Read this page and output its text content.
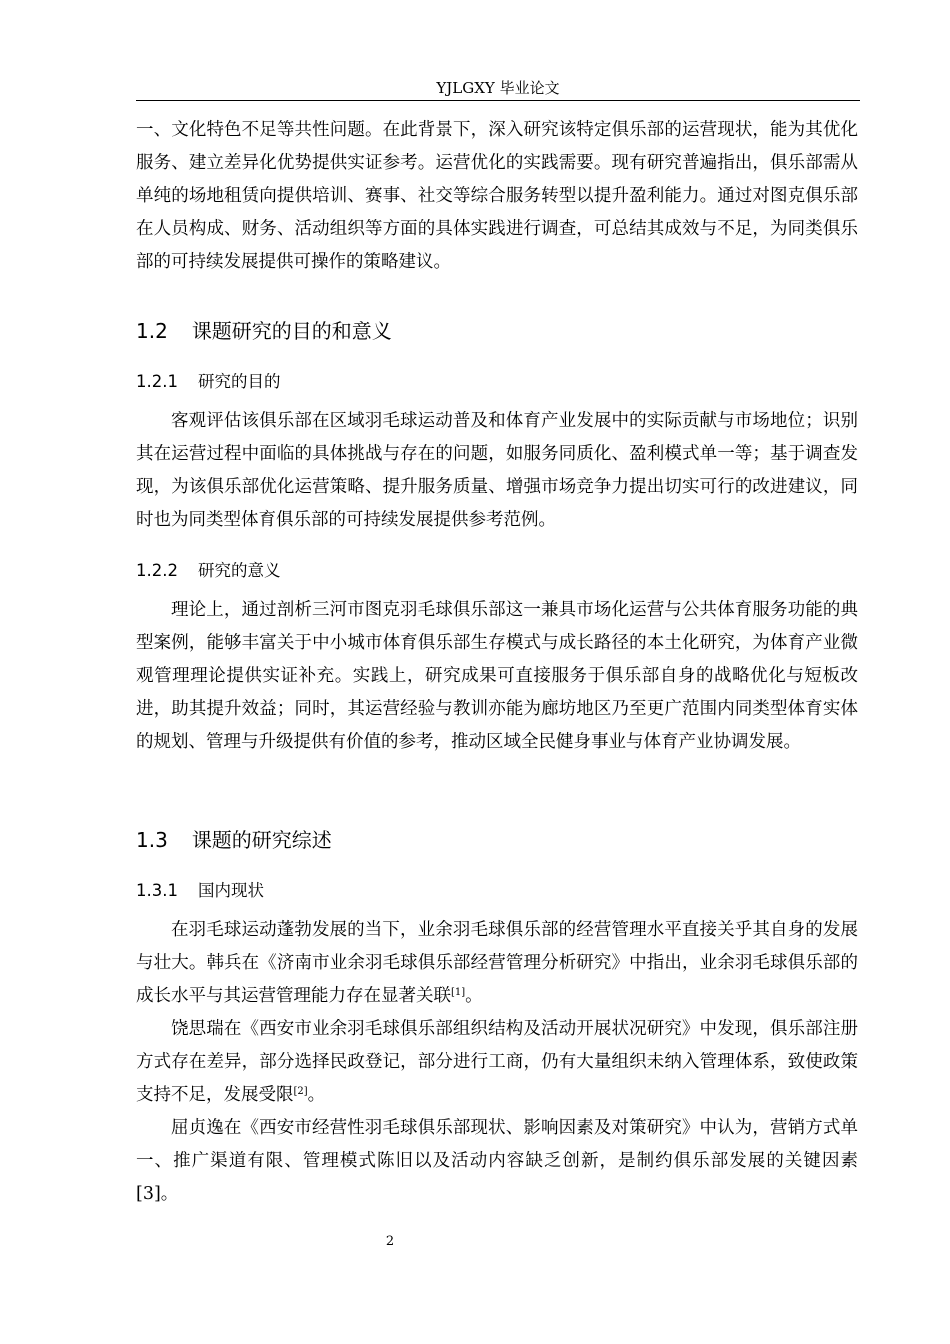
YJLGXY 毕业论文

一、文化特色不足等共性问题。在此背景下，深入研究该特定俱乐部的运营现状，能为其优化服务、建立差异化优势提供实证参考。运营优化的实践需要。现有研究普遍指出，俱乐部需从单纯的场地租赁向提供培训、赛事、社交等综合服务转型以提升盈利能力。通过对图克俱乐部在人员构成、财务、活动组织等方面的具体实践进行调查，可总结其成效与不足，为同类俱乐部的可持续发展提供可操作的策略建议。

1.2 课题研究的目的和意义
1.2.1 研究的目的

客观评估该俱乐部在区域羽毛球运动普及和体育产业发展中的实际贡献与市场地位；识别其在运营过程中面临的具体挑战与存在的问题，如服务同质化、盈利模式单一等；基于调查发现，为该俱乐部优化运营策略、提升服务质量、增强市场竞争力提出切实可行的改进建议，同时也为同类型体育俱乐部的可持续发展提供参考范例。

1.2.2 研究的意义

理论上，通过剖析三河市图克羽毛球俱乐部这一兼具市场化运营与公共体育服务功能的典型案例，能够丰富关于中小城市体育俱乐部生存模式与成长路径的本土化研究，为体育产业微观管理理论提供实证补充。实践上，研究成果可直接服务于俱乐部自身的战略优化与短板改进，助其提升效益；同时，其运营经验与教训亦能为廊坊地区乃至更广范围内同类型体育实体的规划、管理与升级提供有价值的参考，推动区域全民健身事业与体育产业协调发展。

1.3 课题的研究综述
1.3.1 国内现状

在羽毛球运动蓬勃发展的当下，业余羽毛球俱乐部的经营管理水平直接关乎其自身的发展与壮大。韩兵在《济南市业余羽毛球俱乐部经营管理分析研究》中指出，业余羽毛球俱乐部的成长水平与其运营管理能力存在显著关联[1]。

饶思瑞在《西安市业余羽毛球俱乐部组织结构及活动开展状况研究》中发现，俱乐部注册方式存在差异，部分选择民政登记，部分进行工商，仍有大量组织未纳入管理体系，致使政策支持不足，发展受限[2]。

屈贞逸在《西安市经营性羽毛球俱乐部现状、影响因素及对策研究》中认为，营销方式单一、推广渠道有限、管理模式陈旧以及活动内容缺乏创新，是制约俱乐部发展的关键因素[3]。

2
